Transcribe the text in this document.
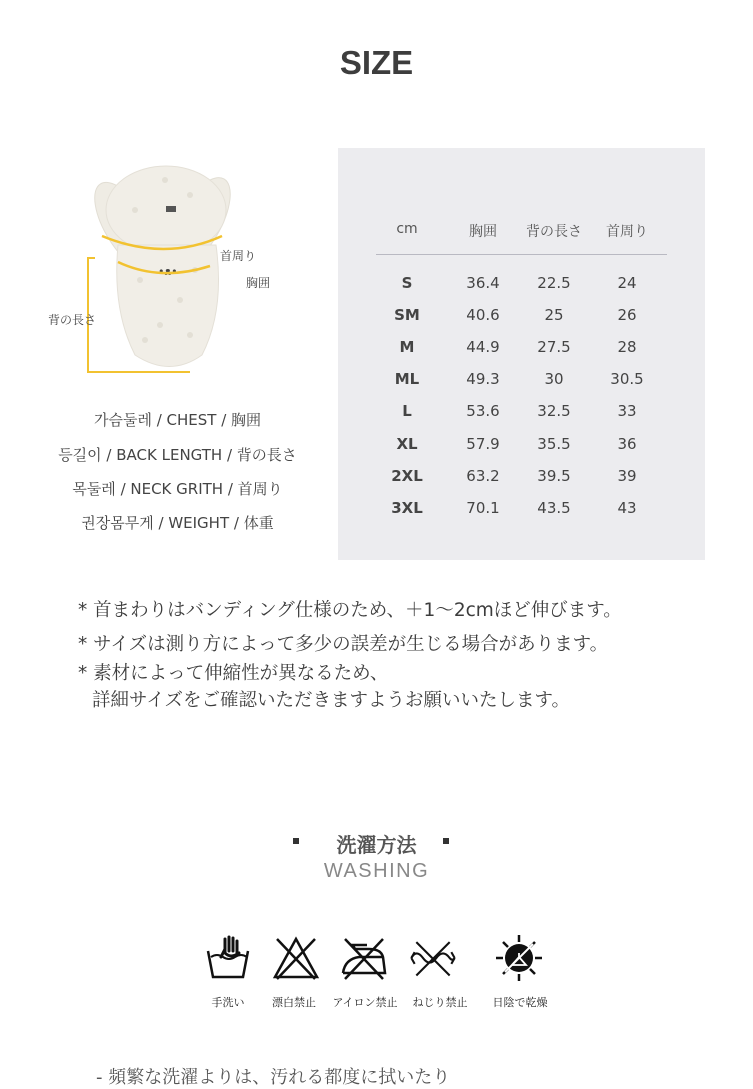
SIZE
•ᴥ•
首周り
胸囲
背の長さ
가슴둘레 / CHEST / 胸囲
등길이 / BACK LENGTH / 背の長さ
목둘레 / NECK GRITH / 首周り
권장몸무게 / WEIGHT / 体重
cm	胸囲	背の長さ	首周り
S	36.4	22.5	24
SM	40.6	25	26
M	44.9	27.5	28
ML	49.3	30	30.5
L	53.6	32.5	33
XL	57.9	35.5	36
2XL	63.2	39.5	39
3XL	70.1	43.5	43
* 首まわりはバンディング仕様のため、＋1～2cmほど伸びます。
* サイズは測り方によって多少の誤差が生じる場合があります。
* 素材によって伸縮性が異なるため、
詳細サイズをご確認いただきますようお願いいたします。
洗濯方法
WASHING
手洗い	漂白禁止	アイロン禁止	ねじり禁止	日陰で乾燥
- 頻繁な洗濯よりは、汚れる都度に拭いたり
